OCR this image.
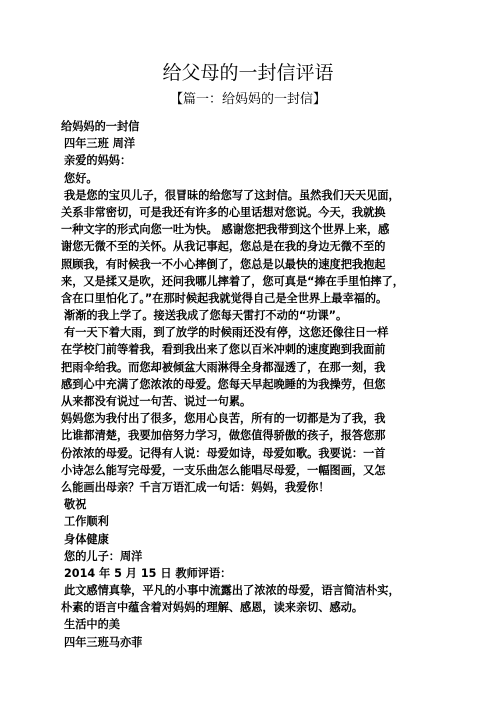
给父母的一封信评语
【篇一：给妈妈的一封信】
给妈妈的一封信
四年三班 周洋
亲爱的妈妈：
您好。
我是您的宝贝儿子，很冒昧的给您写了这封信。虽然我们天天见面，
关系非常密切，可是我还有许多的心里话想对您说。今天，我就换
一种文字的形式向您一吐为快。 感谢您把我带到这个世界上来，感
谢您无微不至的关怀。从我记事起，您总是在我的身边无微不至的
照顾我，有时候我一不小心摔倒了，您总是以最快的速度把我抱起
来，又是揉又是吹，还问我哪儿摔着了，您可真是“捧在手里怕摔了，
含在口里怕化了。”在那时候起我就觉得自己是全世界上最幸福的。
渐渐的我上学了。接送我成了您每天雷打不动的“功课”。
有一天下着大雨，到了放学的时候雨还没有停，这您还像往日一样
在学校门前等着我，看到我出来了您以百米冲刺的速度跑到我面前
把雨伞给我。而您却被倾盆大雨淋得全身都湿透了，在那一刻，我
感到心中充满了您浓浓的母爱。您每天早起晚睡的为我操劳，但您
从来都没有说过一句苦、说过一句累。
妈妈您为我付出了很多，您用心良苦，所有的一切都是为了我，我
比谁都清楚，我要加倍努力学习，做您值得骄傲的孩子，报答您那
份浓浓的母爱。记得有人说：母爱如诗，母爱如歌。我要说：一首
小诗怎么能写完母爱，一支乐曲怎么能唱尽母爱，一幅图画，又怎
么能画出母亲？千言万语汇成一句话：妈妈，我爱你！
敬祝
工作顺利
身体健康
您的儿子：周洋
2014 年 5 月 15 日 教师评语：
此文感情真挚，平凡的小事中流露出了浓浓的母爱，语言简洁朴实，
朴素的语言中蕴含着对妈妈的理解、感恩，读来亲切、感动。
生活中的美
四年三班马亦菲
